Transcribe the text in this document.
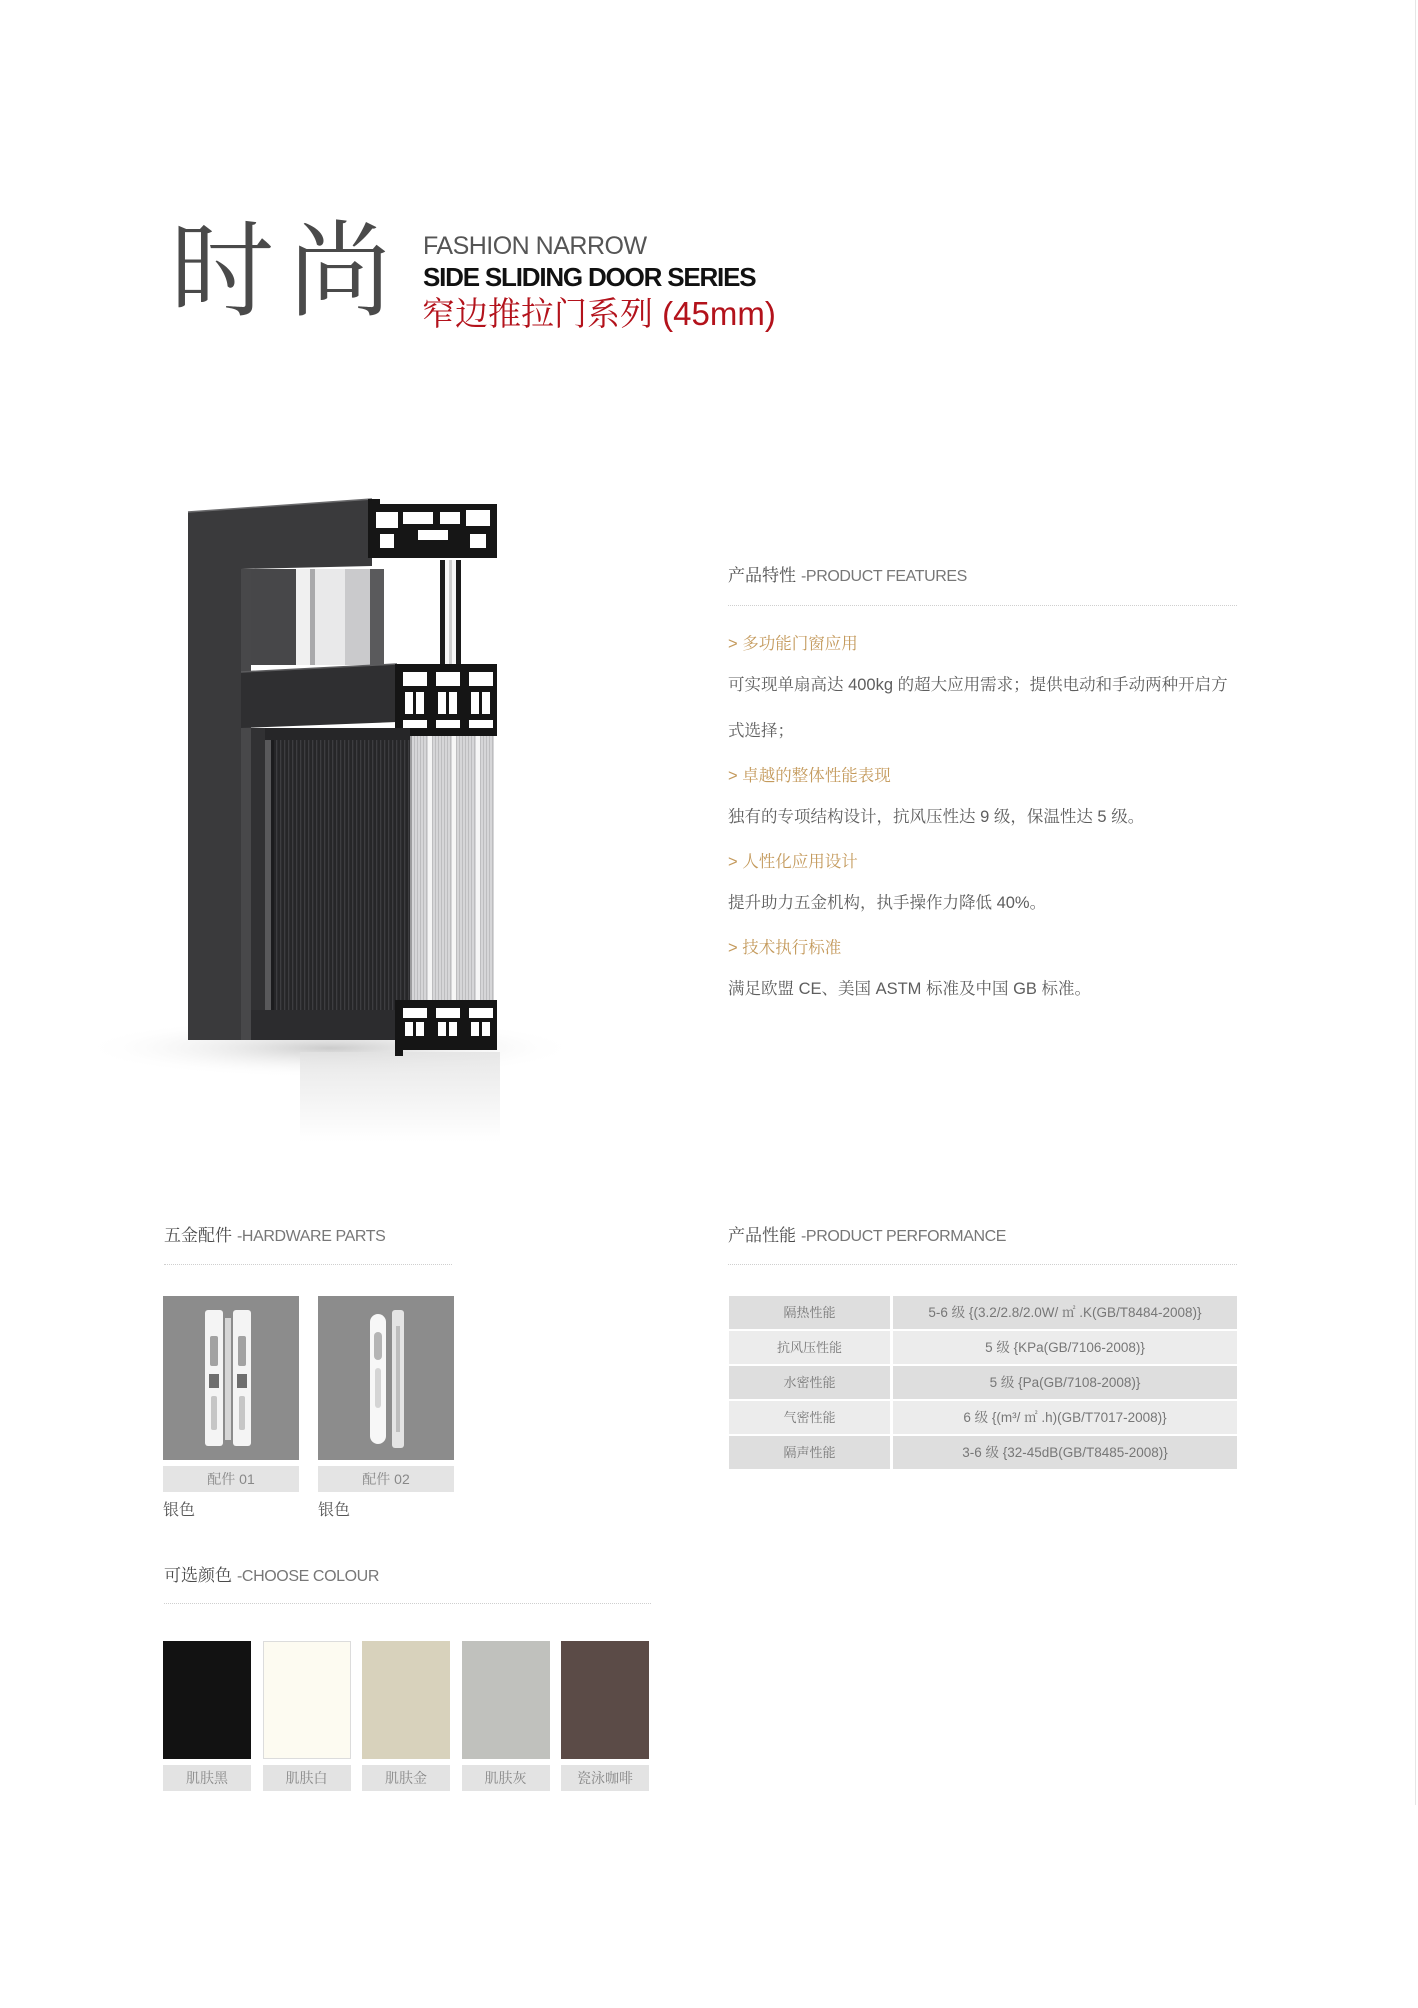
时尚 FASHION NARROW
SIDE SLIDING DOOR SERIES
窄边推拉门系列 (45mm)
产品特性 -PRODUCT FEATURES
> 多功能门窗应用
可实现单扇高达 400kg 的超大应用需求；提供电动和手动两种开启方式选择；
> 卓越的整体性能表现
独有的专项结构设计，抗风压性达 9 级，保温性达 5 级。
> 人性化应用设计
提升助力五金机构，执手操作力降低 40%。
> 技术执行标准
满足欧盟 CE、美国 ASTM 标准及中国 GB 标准。
五金配件 -HARDWARE PARTS
配件 01
银色
配件 02
银色
产品性能 -PRODUCT PERFORMANCE
隔热性能	5-6 级 {(3.2/2.8/2.0W/ ㎡ .K(GB/T8484-2008)}
抗风压性能	5 级 {KPa(GB/7106-2008)}
水密性能	5 级 {Pa(GB/7108-2008)}
气密性能	6 级 {(m³/ ㎡ .h)(GB/T7017-2008)}
隔声性能	3-6 级 {32-45dB(GB/T8485-2008)}
可选颜色 -CHOOSE COLOUR
肌肤黑	肌肤白	肌肤金	肌肤灰	瓷泳咖啡
